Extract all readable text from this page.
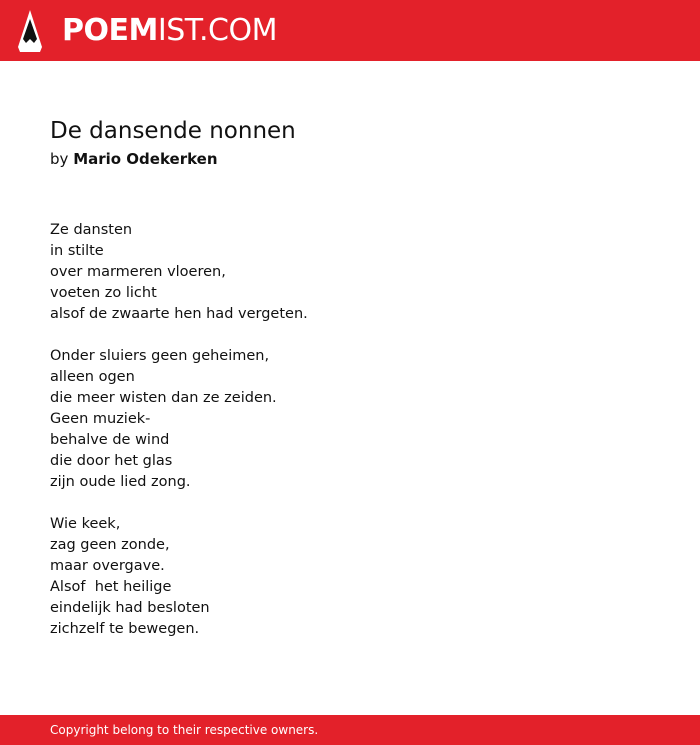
POEMIST.COM
De dansende nonnen

by Mario Odekerken

Ze dansten
in stilte
over marmeren vloeren,
voeten zo licht
alsof de zwaarte hen had vergeten.
Onder sluiers geen geheimen,
alleen ogen
die meer wisten dan ze zeiden.
Geen muziek-
behalve de wind
die door het glas
zijn oude lied zong.
Wie keek,
zag geen zonde,
maar overgave.
Alsof  het heilige
eindelijk had besloten
zichzelf te bewegen.
Copyright belong to their respective owners.
